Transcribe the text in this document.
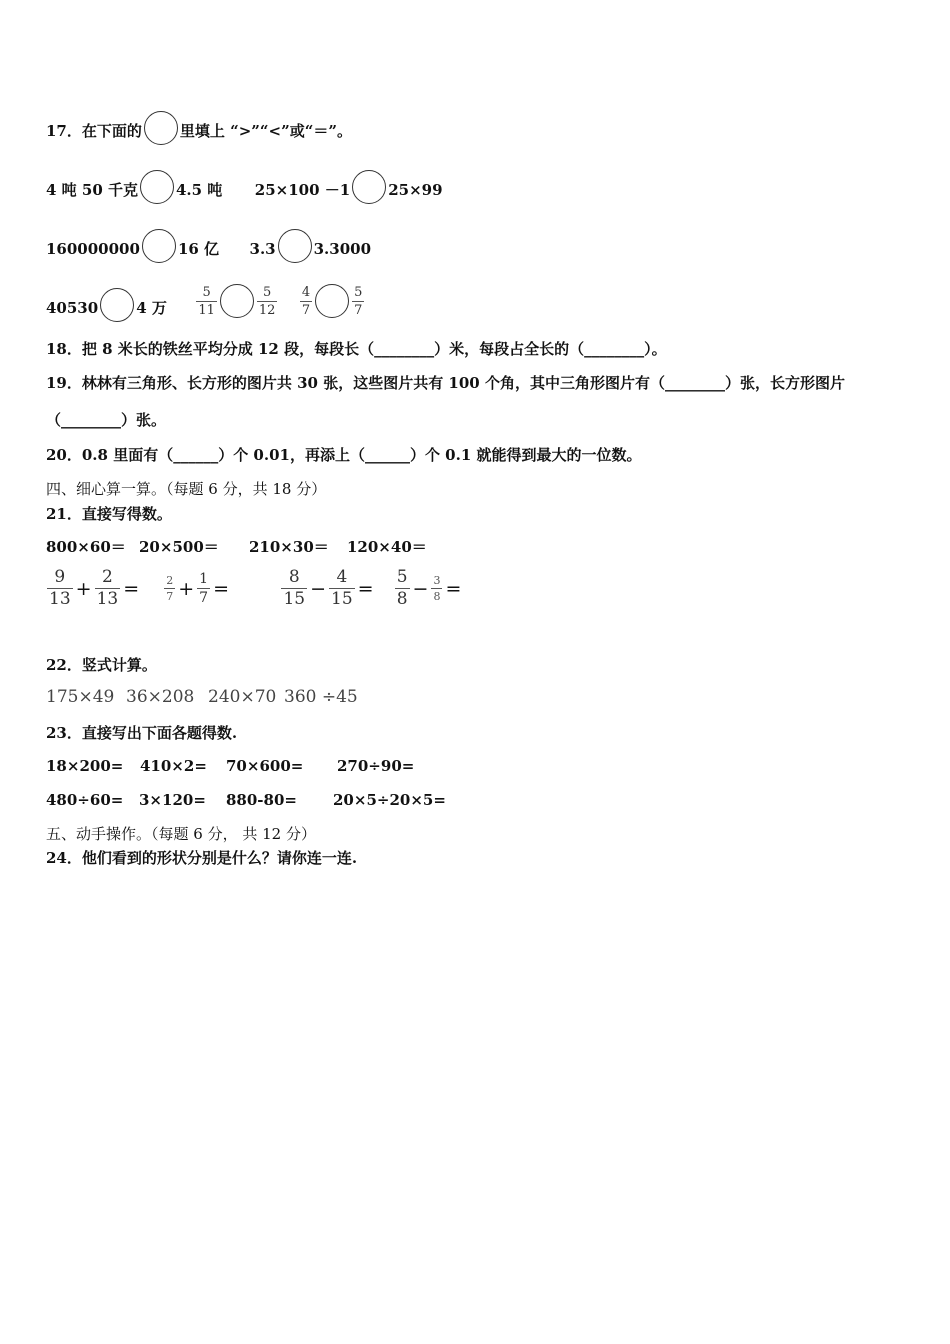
17．在下面的	里填上 “>”“<”或“＝”。
4 吨 50 千克	4.5 吨 25×100 －1	25×99
160000000	16 亿 3.3	3.3000
40530	4 万 $\frac{5}{11}$	$\frac{5}{12}$
$\frac{4}{7}$	$\frac{5}{7}$
18．把 8 米长的铁丝平均分成 12 段，每段长（________）米，每段占全长的（________）。
19．林林有三角形、长方形的图片共 30 张，这些图片共有 100 个角，其中三角形图片有（________）张，长方形图片
（________）张。
20．0.8 里面有（______）个 0.01，再添上（______）个 0.1 就能得到最大的一位数。
四、细心算一算。（每题 6 分，共 18 分）
21．直接写得数。
800×60＝ 20×500＝ 210×30＝ 120×40＝
$\frac{9}{13} + \frac{2}{13} = \frac{2}{7} + \frac{1}{7}$ =	$\frac{8}{15} - \frac{4}{15} = \frac{5}{8} - \frac{3}{8}$ =
22．竖式计算。
175×49 36×208 240×70 360 ÷45
23．直接写出下面各题得数.
18×200= 410×2= 70×600= 270÷90=
480÷60= 3×120= 880-80= 20×5÷20×5=
五、动手操作。（每题 6 分， 共 12 分）
24．他们看到的形状分别是什么？请你连一连.
